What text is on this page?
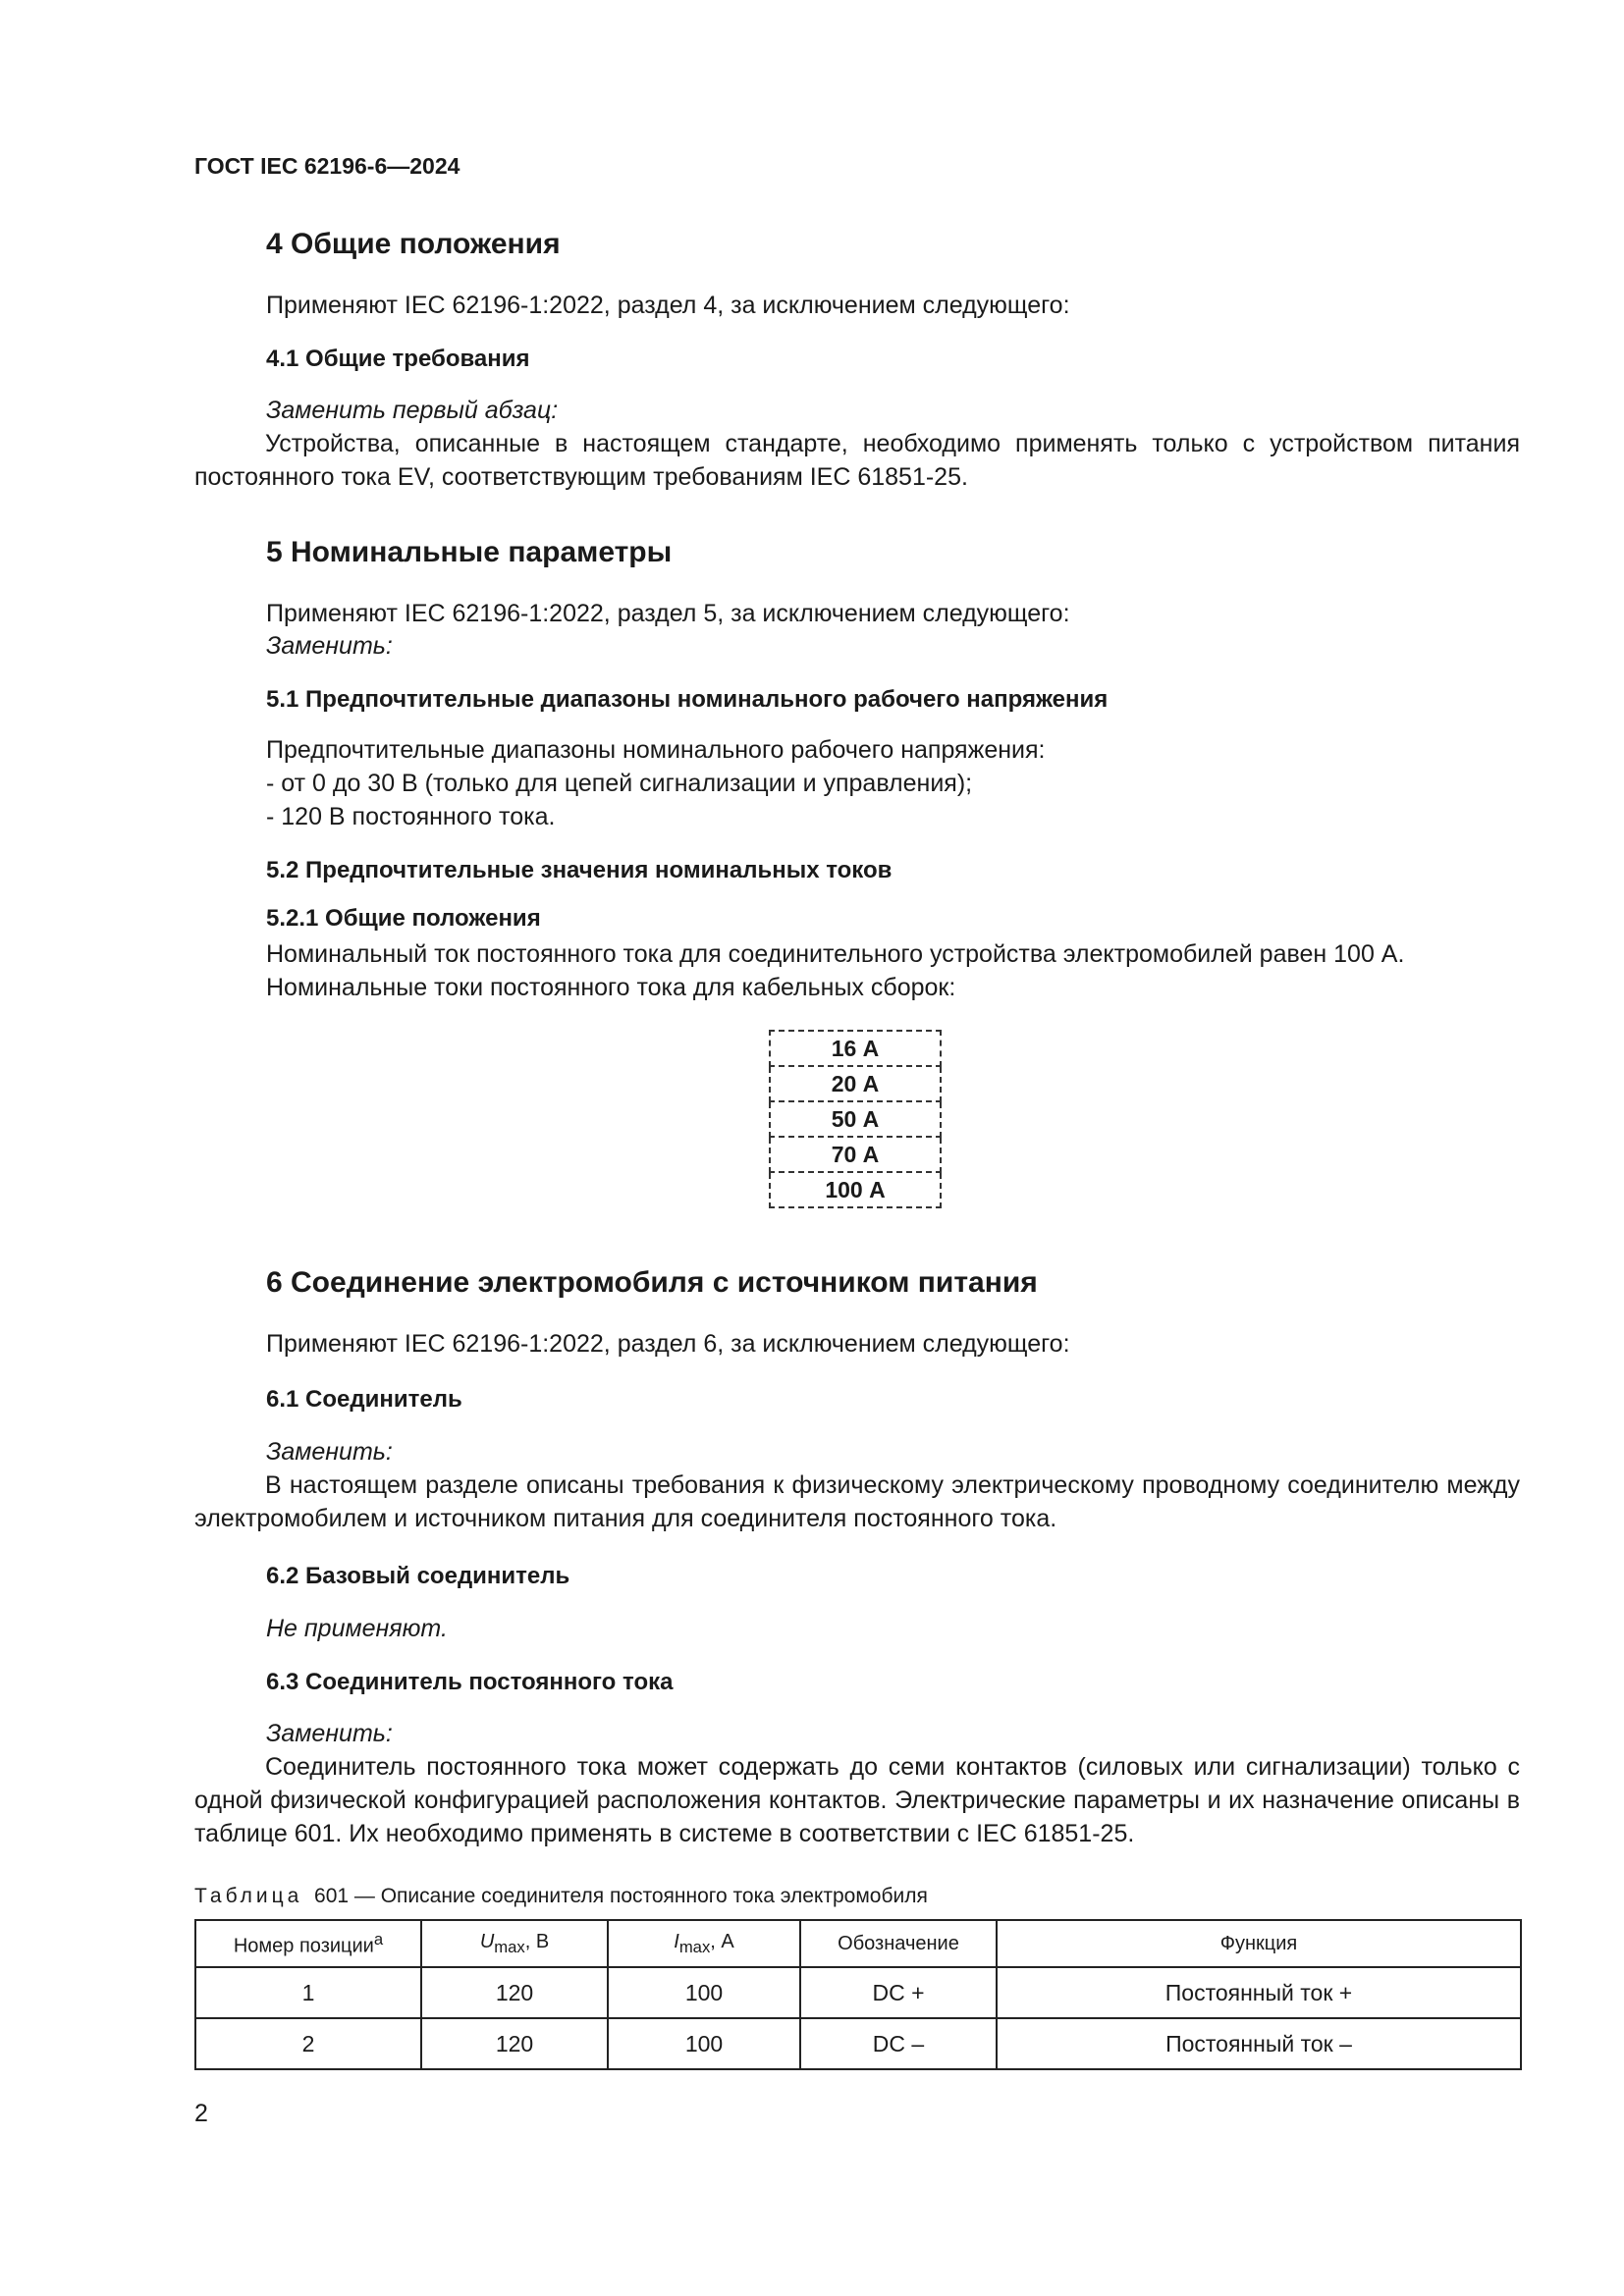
ГОСТ IEC 62196-6—2024
4 Общие положения
Применяют IEC 62196-1:2022, раздел 4, за исключением следующего:
4.1 Общие требования
Заменить первый абзац:
Устройства, описанные в настоящем стандарте, необходимо применять только с устройством питания постоянного тока EV, соответствующим требованиям IEC 61851-25.
5 Номинальные параметры
Применяют IEC 62196-1:2022, раздел 5, за исключением следующего:
Заменить:
5.1 Предпочтительные диапазоны номинального рабочего напряжения
Предпочтительные диапазоны номинального рабочего напряжения:
- от 0 до 30 В (только для цепей сигнализации и управления);
- 120 В постоянного тока.
5.2 Предпочтительные значения номинальных токов
5.2.1 Общие положения
Номинальный ток постоянного тока для соединительного устройства электромобилей равен 100 А.
Номинальные токи постоянного тока для кабельных сборок:
16 А
20 А
50 А
70 А
100 А
6 Соединение электромобиля с источником питания
Применяют IEC 62196-1:2022, раздел 6, за исключением следующего:
6.1 Соединитель
Заменить:
В настоящем разделе описаны требования к физическому электрическому проводному соединителю между электромобилем и источником питания для соединителя постоянного тока.
6.2 Базовый соединитель
Не применяют.
6.3 Соединитель постоянного тока
Заменить:
Соединитель постоянного тока может содержать до семи контактов (силовых или сигнализации) только с одной физической конфигурацией расположения контактов. Электрические параметры и их назначение описаны в таблице 601. Их необходимо применять в системе в соответствии с IEC 61851-25.
Таблица 601 — Описание соединителя постоянного тока электромобиля
Номер позиции$^a$	$U_{max}$, В	$I_{max}$, А	Обозначение	Функция
1	120	100	DC +	Постоянный ток +
2	120	100	DC –	Постоянный ток –
2
